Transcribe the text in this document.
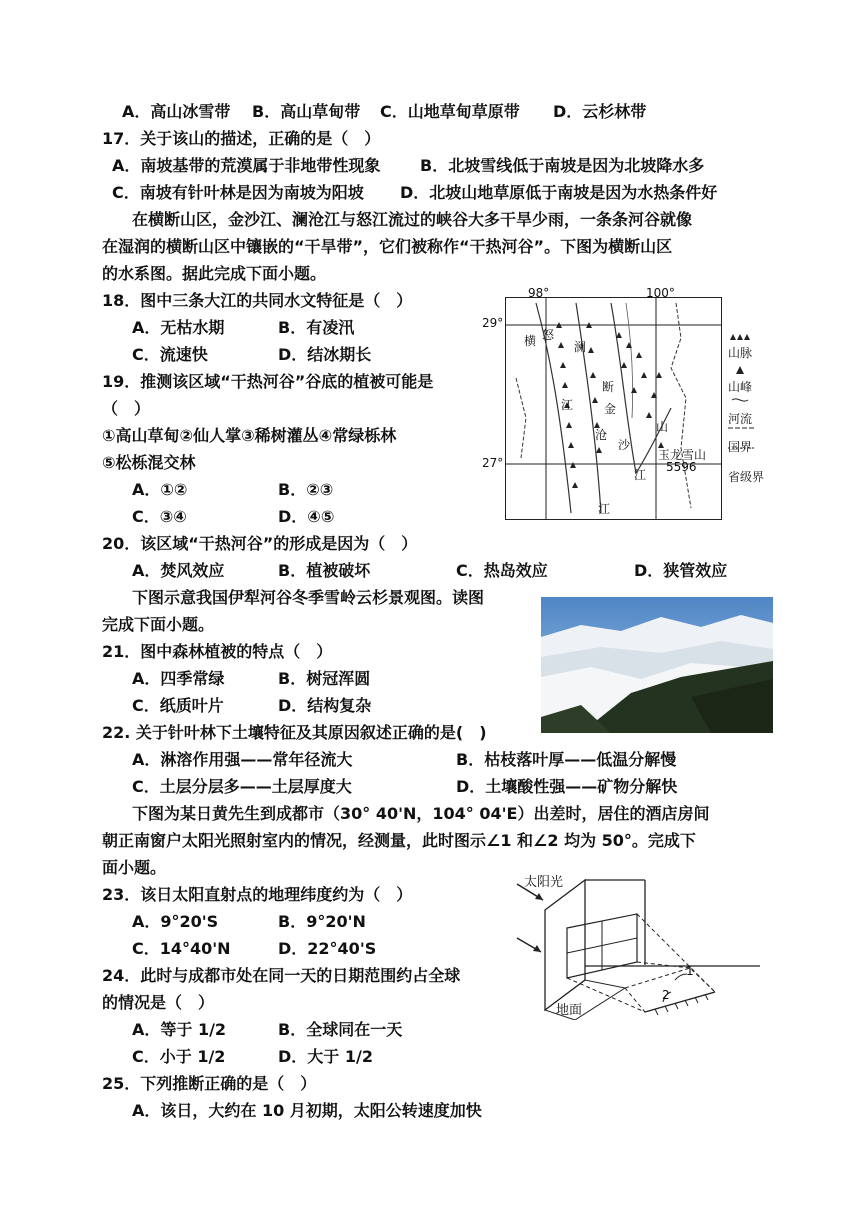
A．高山冰雪带 B．高山草甸带 C．山地草甸草原带 D．云杉林带
17．关于该山的描述，正确的是（　）
A．南坡基带的荒漠属于非地带性现象 B．北坡雪线低于南坡是因为北坡降水多
C．南坡有针叶林是因为南坡为阳坡 D．北坡山地草原低于南坡是因为水热条件好
在横断山区，金沙江、澜沧江与怒江流过的峡谷大多干旱少雨，一条条河谷就像
在湿润的横断山区中镶嵌的“干旱带”，它们被称作“干热河谷”。下图为横断山区
的水系图。据此完成下面小题。
18．图中三条大江的共同水文特征是（　）
A．无枯水期	B．有凌汛
C．流速快	D．结冰期长
19．推测该区域“干热河谷”谷底的植被可能是
（　）
①高山草甸②仙人掌③稀树灌丛④常绿栎林
⑤松栎混交林
A．①②	B．②③
C．③④	D．④⑤
98°	100°
29°
27°
怒
横	澜
江
沧
断
金
沙
山
江
江
玉龙雪山
5596
山脉
山峰
河流
国界
省级界
20．该区域“干热河谷”的形成是因为（　）
A．焚风效应	B．植被破坏	C．热岛效应	D．狭管效应
下图示意我国伊犁河谷冬季雪岭云杉景观图。读图
完成下面小题。
21．图中森林植被的特点（　）
A．四季常绿	B．树冠浑圆
C．纸质叶片	D．结构复杂
22. 关于针叶林下土壤特征及其原因叙述正确的是(　)
A．淋溶作用强——常年径流大	B．枯枝落叶厚——低温分解慢
C．土层分层多——土层厚度大	D．土壤酸性强——矿物分解快
下图为某日黄先生到成都市（30° 40'N，104° 04'E）出差时，居住的酒店房间
朝正南窗户太阳光照射室内的情况，经测量，此时图示∠1 和∠2 均为 50°。完成下
面小题。
23．该日太阳直射点的地理纬度约为（　）
A．9°20'S	B．9°20'N
C．14°40'N	D．22°40'S
太阳光
地面
1
2
24．此时与成都市处在同一天的日期范围约占全球
的情况是（　）
A．等于 1/2	B．全球同在一天
C．小于 1/2	D．大于 1/2
25．下列推断正确的是（　）
A．该日，大约在 10 月初期，太阳公转速度加快
